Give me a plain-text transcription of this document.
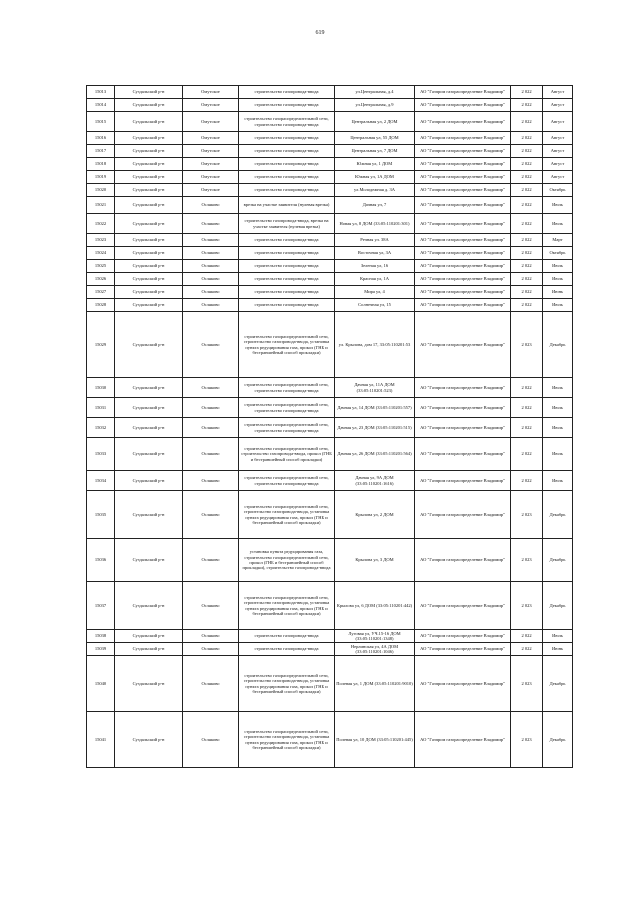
619
15013	Суздальский р-н	Омутское	строительство газопровода-ввода	ул.Центральная, д.4	АО "Газпром газораспределение Владимир"	2 022	Август
15014	Суздальский р-н	Омутское	строительство газопровода-ввода	ул.Центральная, д.9	АО "Газпром газораспределение Владимир"	2 022	Август
15015	Суздальский р-н	Омутское	строительство газораспределительной сети, строительство газопровода-ввода	Центральная ул, 2 ДОМ	АО "Газпром газораспределение Владимир"	2 022	Август
15016	Суздальский р-н	Омутское	строительство газопровода-ввода	Центральная ул, 55 ДОМ	АО "Газпром газораспределение Владимир"	2 022	Август
15017	Суздальский р-н	Омутское	строительство газопровода-ввода	Центральная ул, 7 ДОМ	АО "Газпром газораспределение Владимир"	2 022	Август
15018	Суздальский р-н	Омутское	строительство газопровода-ввода	Южная ул, 1 ДОМ	АО "Газпром газораспределение Владимир"	2 022	Август
15019	Суздальский р-н	Омутское	строительство газопровода-ввода	Южная ул, 1А ДОМ	АО "Газпром газораспределение Владимир"	2 022	Август
15020	Суздальский р-н	Омутское	строительство газопровода-ввода	ул.Молодежная д. 3А	АО "Газпром газораспределение Владимир"	2 022	Октябрь
15021	Суздальский р-н	Осляково	врезка на участке заявителя (нулевая врезка)	Дачная ул, 7	АО "Газпром газораспределение Владимир"	2 022	Июль
15022	Суздальский р-н	Осляково	строительство газопровода-ввода, врезка на участке заявителя (нулевая врезка)	Новая ул, 8 ДОМ (33:05:110201:301)	АО "Газпром газораспределение Владимир"	2 022	Июль
15023	Суздальский р-н	Осляково	строительство газопровода-ввода	Речная ул. 38А	АО "Газпром газораспределение Владимир"	2 022	Март
15024	Суздальский р-н	Осляково	строительство газопровода-ввода	Восточная ул, 3А	АО "Газпром газораспределение Владимир"	2 022	Октябрь
15025	Суздальский р-н	Осляково	строительство газопровода-ввода	Зеленая ул, 16	АО "Газпром газораспределение Владимир"	2 022	Июль
15026	Суздальский р-н	Осляково	строительство газопровода-ввода	Красная ул, 1А	АО "Газпром газораспределение Владимир"	2 022	Июль
15027	Суздальский р-н	Осляково	строительство газопровода-ввода	Мира ул, 4	АО "Газпром газораспределение Владимир"	2 022	Июнь
15028	Суздальский р-н	Осляково	строительство газопровода-ввода	Солнечная ул, 15	АО "Газпром газораспределение Владимир"	2 022	Июль
15029	Суздальский р-н	Осляково	строительство газораспределительной сети, строительство газопровода-ввода, установка пункта редуцирования газа, прокол (ГНБ и бестраншейный способ прокладки)	ул. Крылова, дом 17, 33:05:110201:53	АО "Газпром газораспределение Владимир"	2 023	Декабрь
15030	Суздальский р-н	Осляково	строительство газораспределительной сети, строительство газопровода-ввода	Дачная ул, 11А ДОМ (33:05:110201:523)	АО "Газпром газораспределение Владимир"	2 022	Июль
15031	Суздальский р-н	Осляково	строительство газораспределительной сети, строительство газопровода-ввода	Дачная ул, 14 ДОМ (33:05:110201:557)	АО "Газпром газораспределение Владимир"	2 022	Июль
15032	Суздальский р-н	Осляково	строительство газораспределительной сети, строительство газопровода-ввода	Дачная ул, 23 ДОМ (33:05:110201:515)	АО "Газпром газораспределение Владимир"	2 022	Июль
15033	Суздальский р-н	Осляково	строительство газораспределительной сети, строительство газопровода-ввода, прокол (ГНБ и бестраншейный способ прокладки)	Дачная ул, 26 ДОМ (33:05:110201:564)	АО "Газпром газораспределение Владимир"	2 022	Июль
15034	Суздальский р-н	Осляково	строительство газораспределительной сети, строительство газопровода-ввода	Дачная ул, 9А ДОМ (33:05:110201:1616)	АО "Газпром газораспределение Владимир"	2 022	Июль
15035	Суздальский р-н	Осляково	строительство газораспределительной сети, строительство газопровода-ввода, установка пункта редуцирования газа, прокол (ГНБ и бестраншейный способ прокладки)	Крылова ул, 2 ДОМ	АО "Газпром газораспределение Владимир"	2 023	Декабрь
15036	Суздальский р-н	Осляково	установка пункта редуцирования газа, строительство газораспределительной сети, прокол (ГНБ и бестраншейный способ прокладки), строительство газопровода-ввода	Крылова ул, 3 ДОМ	АО "Газпром газораспределение Владимир"	2 023	Декабрь
15037	Суздальский р-н	Осляково	строительство газораспределительной сети, строительство газопровода-ввода, установка пункта редуцирования газа, прокол (ГНБ и бестраншейный способ прокладки)	Крылова ул, 6 ДОМ (33:05:110201:442)	АО "Газпром газораспределение Владимир"	2 023	Декабрь
15038	Суздальский р-н	Осляково	строительство газопровода-ввода	Луговая ул, УЧ.15-16 ДОМ (33:05:110201:1348)	АО "Газпром газораспределение Владимир"	2 022	Июль
15039	Суздальский р-н	Осляково	строительство газопровода-ввода	Нерлинская ул, 4А ДОМ (33:05:110201:1046)	АО "Газпром газораспределение Владимир"	2 022	Июнь
15040	Суздальский р-н	Осляково	строительство газораспределительной сети, строительство газопровода-ввода, установка пункта редуцирования газа, прокол (ГНБ и бестраншейный способ прокладки)	Полевая ул, 1 ДОМ (33:05:110201:9010)	АО "Газпром газораспределение Владимир"	2 023	Декабрь
15041	Суздальский р-н	Осляково	строительство газораспределительной сети, строительство газопровода-ввода, установка пункта редуцирования газа, прокол (ГНБ и бестраншейный способ прокладки)	Полевая ул, 10 ДОМ (33:05:110201:445)	АО "Газпром газораспределение Владимир"	2 023	Декабрь
